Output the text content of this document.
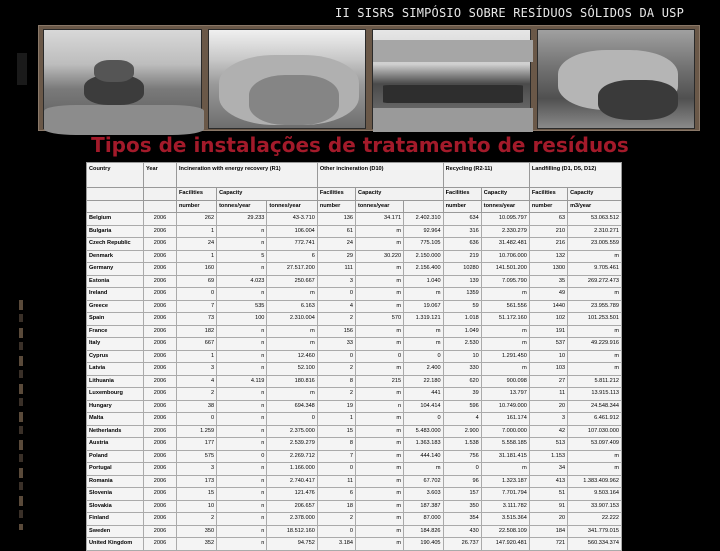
II SISRS SIMPÓSIO SOBRE RESÍDUOS SÓLIDOS DA USP
Tipos de instalações de tratamento de resíduos
Country	Year	Incineration with energy recovery (R1)			Other incineration (D10)			Recycling (R2-11)		Landfilling (D1, D5, D12)	
		Facilities	Capacity		Facilities	Capacity		Facilities	Capacity	Facilities	Capacity
		number	tonnes/year	tonnes/year	number	tonnes/year		number	tonnes/year	number	m3/year
Belgium	2006	262	29.233	43-3.710	136	34.171	2.402.310	634	10.095.797	63	53.063.512
Bulgaria	2006	1	n	106.004	61	m	92.964	316	2.330.279	210	2.310.271
Czech Republic	2006	24	n	772.741	24	m	775.105	636	31.482.481	216	23.005.559
Denmark	2006	1	5	6	29	30.220	2.150.000	219	10.706.000	132	m
Germany	2006	160	n	27.517.200	111	m	2.156.400	10280	141.501.200	1300	9.705.461
Estonia	2006	69	4.023	250.667	3	m	1.040	139	7.095.790	35	269.272.473
Ireland	2006	0	n	m	0	m	m	1359	m	49	m
Greece	2006	7	535	6.163	4	m	19.067	59	561.556	1440	23.955.789
Spain	2006	73	100	2.310.004	2	570	1.319.121	1.018	51.172.160	102	101.253.501
France	2006	182	n	m	156	m	m	1.049	m	191	m
Italy	2006	667	n	m	33	m	m	2.530	m	537	49.229.916
Cyprus	2006	1	n	12.460	0	0	0	10	1.291.450	10	m
Latvia	2006	3	n	52.100	2	m	2.400	330	m	103	m
Lithuania	2006	4	4.119	180.816	8	215	22.180	620	900.098	27	5.811.212
Luxembourg	2006	2	n	m	2	m	441	39	13.797	11	13.915.113
Hungary	2006	38	n	694.348	19	n	104.414	596	10.749.000	20	24.548.344
Malta	2006	0	n	0	1	m	0	4	161.174	3	6.461.912
Netherlands	2006	1.259	n	2.375.000	15	m	5.483.000	2.900	7.000.000	42	107.030.000
Austria	2006	177	n	2.539.279	8	m	1.363.183	1.538	5.558.185	513	53.097.409
Poland	2006	575	0	2.269.712	7	m	444.140	756	31.181.415	1.153	m
Portugal	2006	3	n	1.166.000	0	m	m	0	m	34	m
Romania	2006	173	n	2.740.417	11	m	67.702	96	1.323.187	413	1.383.409.962
Slovenia	2006	15	n	121.476	6	m	3.603	157	7.701.794	51	9.503.164
Slovakia	2006	10	n	206.657	18	m	187.387	350	3.111.782	91	33.907.153
Finland	2006	2	n	2.378.000	2	m	87.000	354	3.515.364	20	22.222
Sweden	2006	350	n	18.512.160	0	m	184.826	430	22.508.109	184	341.779.015
United Kingdom	2006	352	n	94.752	3.184	m	190.405	26.737	147.920.481	721	560.334.374
